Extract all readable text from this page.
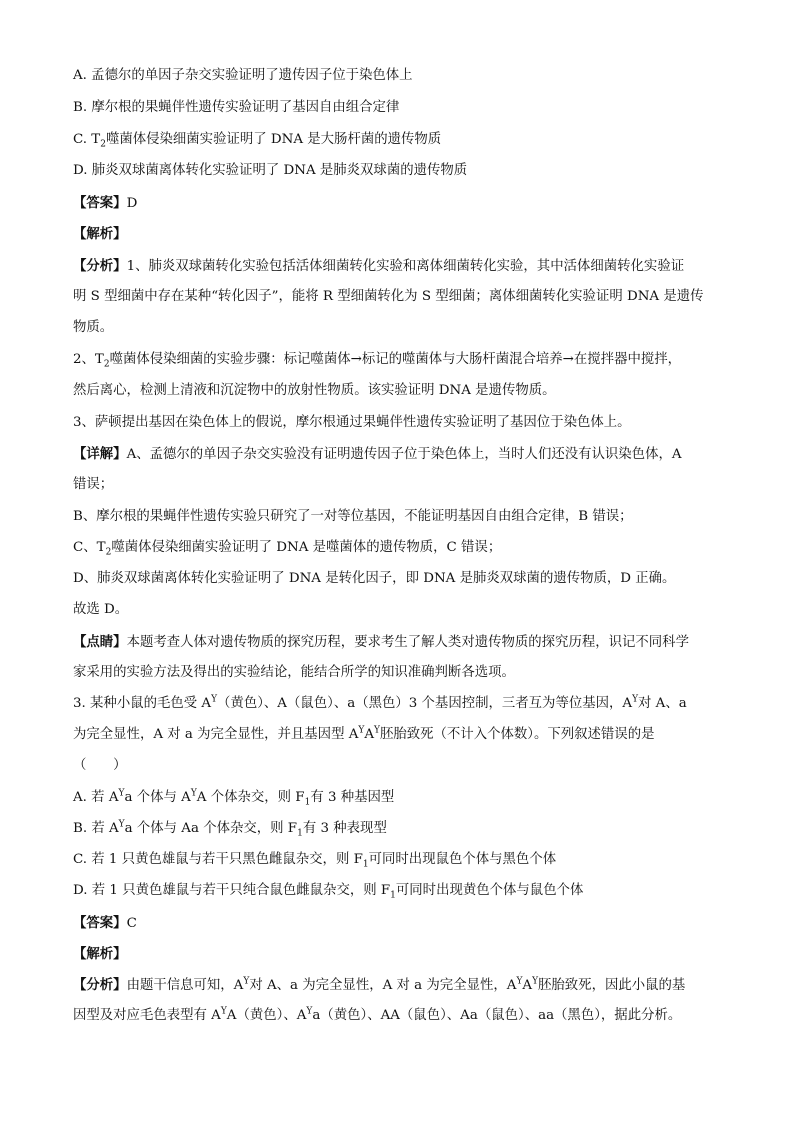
A. 孟德尔的单因子杂交实验证明了遗传因子位于染色体上
B. 摩尔根的果蝇伴性遗传实验证明了基因自由组合定律
C. $T_2$噬菌体侵染细菌实验证明了 DNA 是大肠杆菌的遗传物质
D. 肺炎双球菌离体转化实验证明了 DNA 是肺炎双球菌的遗传物质
【答案】D
【解析】
【分析】1、肺炎双球菌转化实验包括活体细菌转化实验和离体细菌转化实验，其中活体细菌转化实验证
明 S 型细菌中存在某种“转化因子”，能将 R 型细菌转化为 S 型细菌；离体细菌转化实验证明 DNA 是遗传
物质。
2、$T_2$噬菌体侵染细菌的实验步骤：标记噬菌体→标记的噬菌体与大肠杆菌混合培养→在搅拌器中搅拌，
然后离心，检测上清液和沉淀物中的放射性物质。该实验证明 DNA 是遗传物质。
3、萨顿提出基因在染色体上的假说，摩尔根通过果蝇伴性遗传实验证明了基因位于染色体上。
【详解】A、孟德尔的单因子杂交实验没有证明遗传因子位于染色体上，当时人们还没有认识染色体，A
错误；
B、摩尔根的果蝇伴性遗传实验只研究了一对等位基因，不能证明基因自由组合定律，B 错误；
C、$T_2$噬菌体侵染细菌实验证明了 DNA 是噬菌体的遗传物质，C 错误；
D、肺炎双球菌离体转化实验证明了 DNA 是转化因子，即 DNA 是肺炎双球菌的遗传物质，D 正确。
故选 D。
【点睛】本题考查人体对遗传物质的探究历程，要求考生了解人类对遗传物质的探究历程，识记不同科学
家采用的实验方法及得出的实验结论，能结合所学的知识准确判断各选项。
3. 某种小鼠的毛色受 $A^Y$（黄色）、A（鼠色）、a（黑色）3 个基因控制，三者互为等位基因，$A^Y$对 A、a
为完全显性，A 对 a 为完全显性，并且基因型 $A^YA^Y$胚胎致死（不计入个体数）。下列叙述错误的是
（　　）
A. 若 $A^Ya$ 个体与 $A^YA$ 个体杂交，则 $F_1$有 3 种基因型
B. 若 $A^Ya$ 个体与 Aa 个体杂交，则 $F_1$有 3 种表现型
C. 若 1 只黄色雄鼠与若干只黑色雌鼠杂交，则 $F_1$可同时出现鼠色个体与黑色个体
D. 若 1 只黄色雄鼠与若干只纯合鼠色雌鼠杂交，则 $F_1$可同时出现黄色个体与鼠色个体
【答案】C
【解析】
【分析】由题干信息可知，$A^Y$对 A、a 为完全显性，A 对 a 为完全显性，$A^YA^Y$胚胎致死，因此小鼠的基
因型及对应毛色表型有 $A^YA$（黄色）、$A^Ya$（黄色）、AA（鼠色）、Aa（鼠色）、aa（黑色），据此分析。
